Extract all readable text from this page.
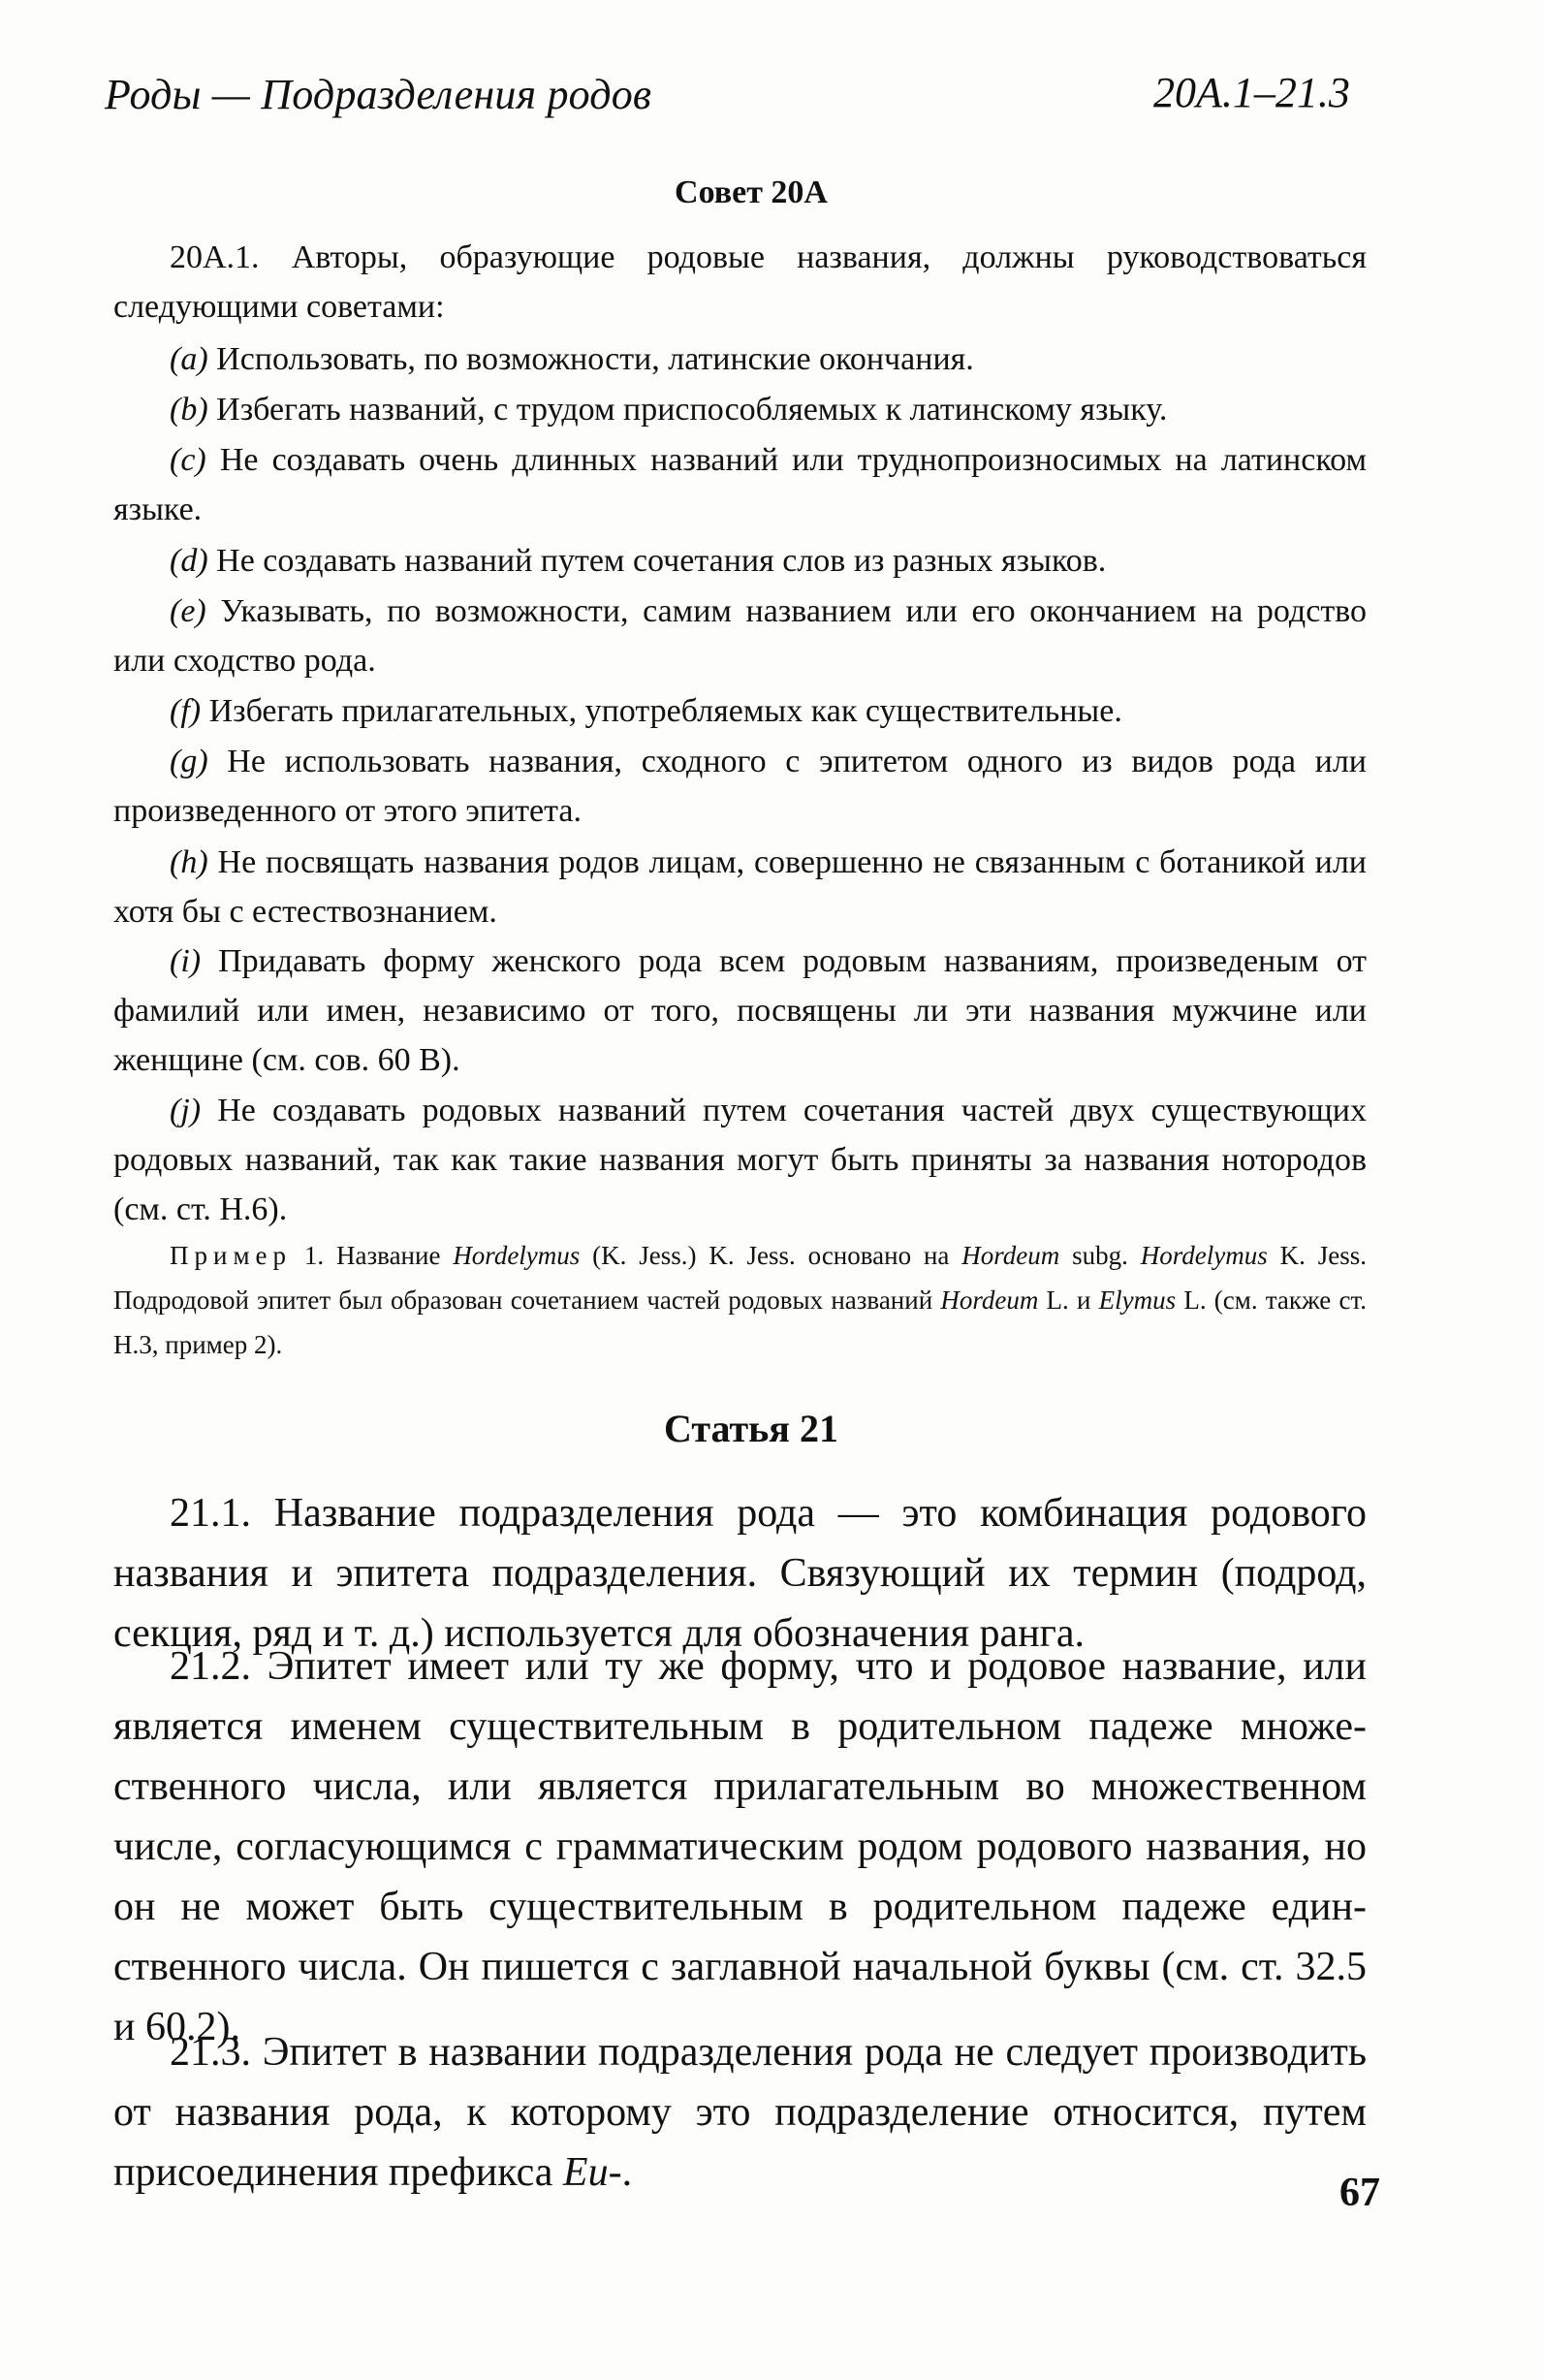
Роды — Подразделения родов	20A.1–21.3
Совет 20А
20А.1. Авторы, образующие родовые названия, должны руководствоваться следующими советами:
(a) Использовать, по возможности, латинские окончания.
(b) Избегать названий, с трудом приспособляемых к латинскому языку.
(c) Не создавать очень длинных названий или труднопроизносимых на латинском языке.
(d) Не создавать названий путем сочетания слов из разных языков.
(e) Указывать, по возможности, самим названием или его окончанием на родство или сходство рода.
(f) Избегать прилагательных, употребляемых как существительные.
(g) Не использовать названия, сходного с эпитетом одного из видов рода или произведенного от этого эпитета.
(h) Не посвящать названия родов лицам, совершенно не связанным с ботаникой или хотя бы с естествознанием.
(i) Придавать форму женского рода всем родовым названиям, произведеным от фамилий или имен, независимо от того, посвящены ли эти названия мужчине или женщине (см. сов. 60 В).
(j) Не создавать родовых названий путем сочетания частей двух существующих родовых названий, так как такие названия могут быть приняты за названия нотородов (см. ст. Н.6).
Пример 1. Название Hordelymus (K. Jess.) K. Jess. основано на Hordeum subg. Hordelymus K. Jess. Подродовой эпитет был образован сочетанием частей родовых названий Hordeum L. и Elymus L. (см. также ст. Н.3, пример 2).
Статья 21
21.1. Название подразделения рода — это комбинация родового названия и эпитета подразделения. Связующий их термин (подрод, секция, ряд и т. д.) используется для обозначения ранга.
21.2. Эпитет имеет или ту же форму, что и родовое название, или является именем существительным в родительном падеже множественного числа, или является прилагательным во множественном числе, согласующимся с грамматическим родом родового названия, но он не может быть существительным в родительном падеже единственного числа. Он пишется с заглавной начальной буквы (см. ст. 32.5 и 60.2).
21.3. Эпитет в названии подразделения рода не следует производить от названия рода, к которому это подразделение относится, путем присоединения префикса Eu-.	67
